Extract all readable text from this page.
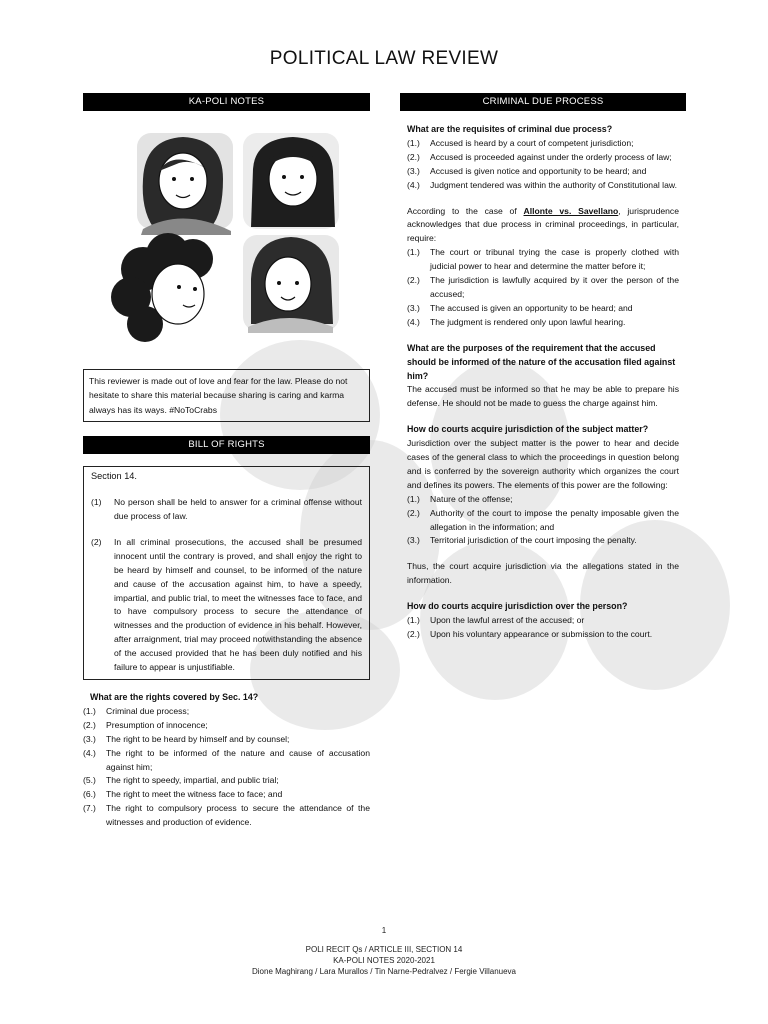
POLITICAL LAW REVIEW
KA-POLI NOTES
This reviewer is made out of love and fear for the law. Please do not hesitate to share this material because sharing is caring and karma always has its ways. #NoToCrabs
BILL OF RIGHTS
Section 14.
(1)	No person shall be held to answer for a criminal offense without due process of law.
(2)	In all criminal prosecutions, the accused shall be presumed innocent until the contrary is proved, and shall enjoy the right to be heard by himself and counsel, to be informed of the nature and cause of the accusation against him, to have a speedy, impartial, and public trial, to meet the witnesses face to face, and to have compulsory process to secure the attendance of witnesses and the production of evidence in his behalf. However, after arraignment, trial may proceed notwithstanding the absence of the accused provided that he has been duly notified and his failure to appear is unjustifiable.
What are the rights covered by Sec. 14?
(1.)	Criminal due process;
(2.)	Presumption of innocence;
(3.)	The right to be heard by himself and by counsel;
(4.)	The right to be informed of the nature and cause of accusation against him;
(5.)	The right to speedy, impartial, and public trial;
(6.)	The right to meet the witness face to face; and
(7.)	The right to compulsory process to secure the attendance of the witnesses and production of evidence.
CRIMINAL DUE PROCESS
What are the requisites of criminal due process?
(1.)	Accused is heard by a court of competent jurisdiction;
(2.)	Accused is proceeded against under the orderly process of law;
(3.)	Accused is given notice and opportunity to be heard; and
(4.)	Judgment tendered was within the authority of Constitutional law.
According to the case of Allonte vs. Savellano, jurisprudence acknowledges that due process in criminal proceedings, in particular, require:
(1.)	The court or tribunal trying the case is properly clothed with judicial power to hear and determine the matter before it;
(2.)	The jurisdiction is lawfully acquired by it over the person of the accused;
(3.)	The accused is given an opportunity to be heard; and
(4.)	The judgment is rendered only upon lawful hearing.
What are the purposes of the requirement that the accused should be informed of the nature of the accusation filed against him?
The accused must be informed so that he may be able to prepare his defense. He should not be made to guess the charge against him.
How do courts acquire jurisdiction of the subject matter?
Jurisdiction over the subject matter is the power to hear and decide cases of the general class to which the proceedings in question belong and is conferred by the sovereign authority which organizes the court and defines its powers. The elements of this power are the following:
(1.)	Nature of the offense;
(2.)	Authority of the court to impose the penalty imposable given the allegation in the information; and
(3.)	Territorial jurisdiction of the court imposing the penalty.
Thus, the court acquire jurisdiction via the allegations stated in the information.
How do courts acquire jurisdiction over the person?
(1.)	Upon the lawful arrest of the accused; or
(2.)	Upon his voluntary appearance or submission to the court.
1
POLI RECIT Qs / ARTICLE III, SECTION 14
KA-POLI NOTES 2020-2021
Dione Maghirang / Lara Murallos / Tin Narne-Pedralvez / Fergie Villanueva
